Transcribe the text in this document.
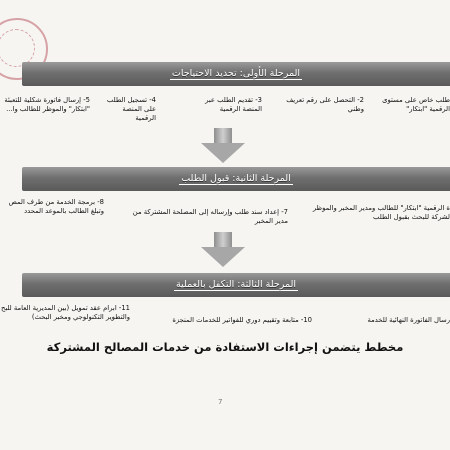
المرحلة الأولى: تحديد الاحتياجات
طلب خاص على مستوى
الرقمية "ابتكار"
2- التحصل على رقم تعريف وطني
3- تقديم الطلب عبر المنصة الرقمية
4- تسجيل الطلب على المنصة الرقمية
5- إرسال فاتورة شكلية للتعبئة "ابتكار" والموظر للطالب وا...
المرحلة الثانية: قبول الطلب
ة الرقمية "ابتكار" للطالب ومدير المخبر والموظر
لشركة للبحث بقبول الطلب
7- إعداد سند طلب وإرساله إلى المصلحة المشتركة من مدير المخبر
8- برمجة الخدمة من طرف المص
وتبلغ الطالب بالموعد المحدد
المرحلة الثالثة: التكفل بالعملية
رسال الفاتورة النهائية للخدمة
10- متابعة وتقييم دوري للفواتير للخدمات المنجزة
11- ابرام عقد تمويل (بين المديرية العامة للبح
والتطوير التكنولوجي ومخبر البحث)
مخطط يتضمن إجراءات الاستفادة من خدمات المصالح المشتركة
7
